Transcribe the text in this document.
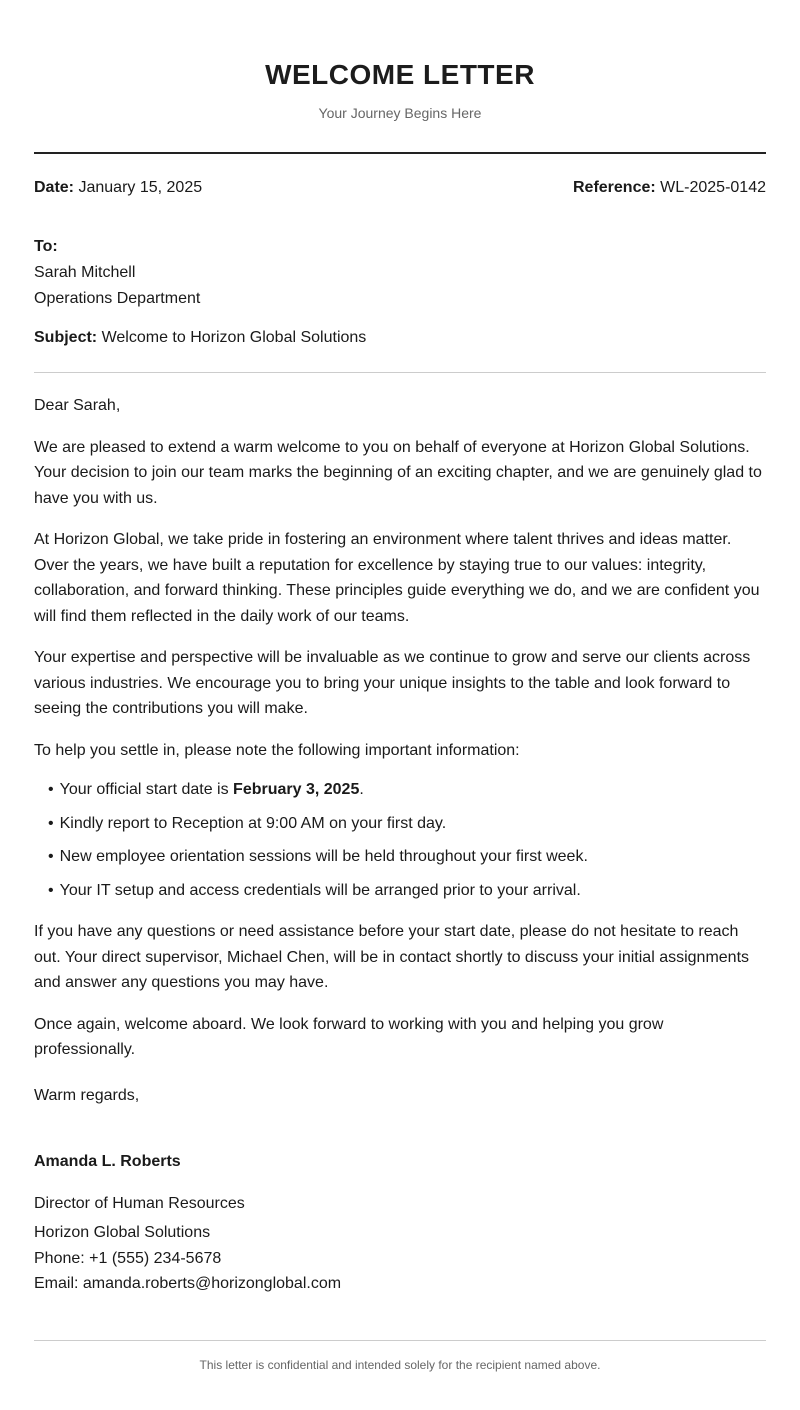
WELCOME LETTER
Your Journey Begins Here
Date: January 15, 2025	Reference: WL-2025-0142
To:
Sarah Mitchell
Operations Department
Subject: Welcome to Horizon Global Solutions
Dear Sarah,
We are pleased to extend a warm welcome to you on behalf of everyone at Horizon Global Solutions. Your decision to join our team marks the beginning of an exciting chapter, and we are genuinely glad to have you with us.
At Horizon Global, we take pride in fostering an environment where talent thrives and ideas matter. Over the years, we have built a reputation for excellence by staying true to our values: integrity, collaboration, and forward thinking. These principles guide everything we do, and we are confident you will find them reflected in the daily work of our teams.
Your expertise and perspective will be invaluable as we continue to grow and serve our clients across various industries. We encourage you to bring your unique insights to the table and look forward to seeing the contributions you will make.
To help you settle in, please note the following important information:
• Your official start date is February 3, 2025.
• Kindly report to Reception at 9:00 AM on your first day.
• New employee orientation sessions will be held throughout your first week.
• Your IT setup and access credentials will be arranged prior to your arrival.
If you have any questions or need assistance before your start date, please do not hesitate to reach out. Your direct supervisor, Michael Chen, will be in contact shortly to discuss your initial assignments and answer any questions you may have.
Once again, welcome aboard. We look forward to working with you and helping you grow professionally.
Warm regards,
Amanda L. Roberts
Director of Human Resources
Horizon Global Solutions
Phone: +1 (555) 234-5678
Email: amanda.roberts@horizonglobal.com
This letter is confidential and intended solely for the recipient named above.
